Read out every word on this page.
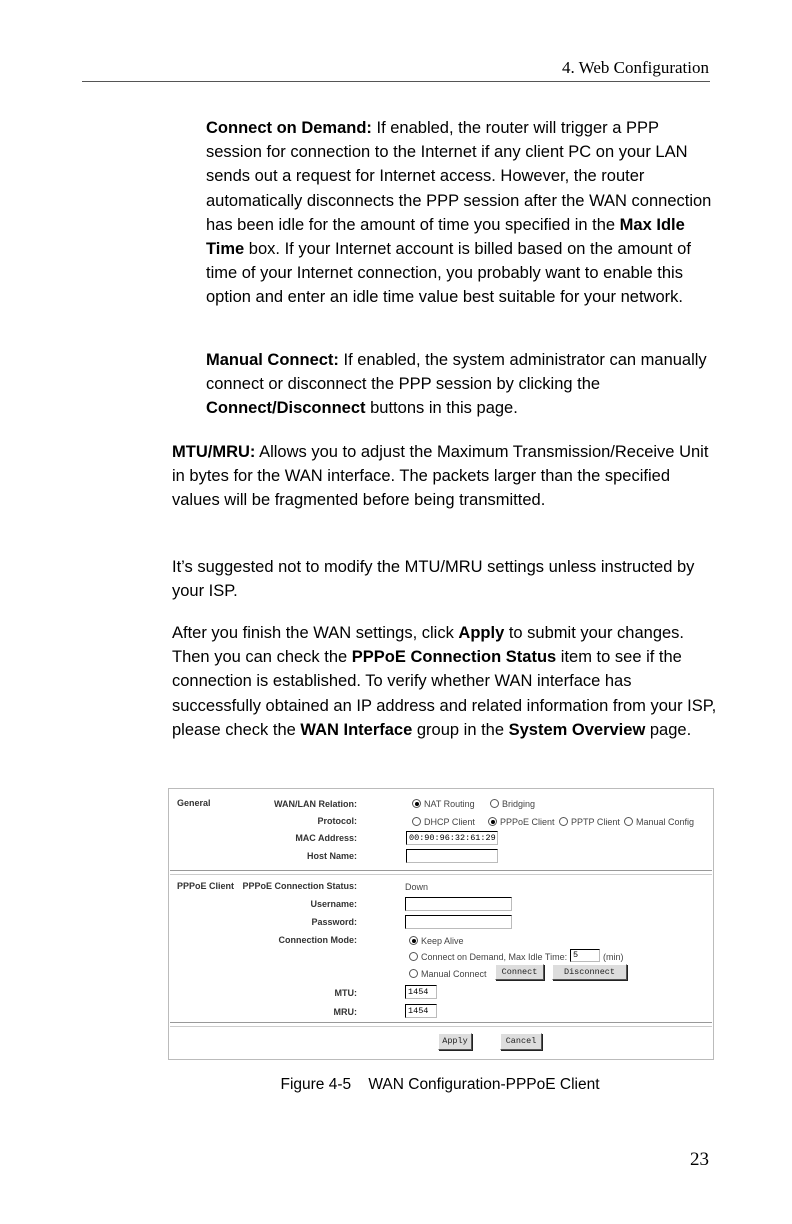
4. Web Configuration

Connect on Demand: If enabled, the router will trigger a PPP session for connection to the Internet if any client PC on your LAN sends out a request for Internet access. However, the router automatically disconnects the PPP session after the WAN connection has been idle for the amount of time you specified in the Max Idle Time box. If your Internet account is billed based on the amount of time of your Internet connection, you probably want to enable this option and enter an idle time value best suitable for your network.

Manual Connect: If enabled, the system administrator can manually connect or disconnect the PPP session by clicking the Connect/Disconnect buttons in this page.

MTU/MRU: Allows you to adjust the Maximum Transmission/Receive Unit in bytes for the WAN interface. The packets larger than the specified values will be fragmented before being transmitted.

It’s suggested not to modify the MTU/MRU settings unless instructed by your ISP.

After you finish the WAN settings, click Apply to submit your changes. Then you can check the PPPoE Connection Status item to see if the connection is established. To verify whether WAN interface has successfully obtained an IP address and related information from your ISP, please check the WAN Interface group in the System Overview page.

General	WAN/LAN Relation:	NAT Routing	Bridging
Protocol:	DHCP Client	PPPoE Client	PPTP Client	Manual Config
MAC Address:	00:90:96:32:61:29
Host Name:
PPPoE Client PPPoE Connection Status:	Down
Username:
Password:
Connection Mode:	Keep Alive
Connect on Demand, Max Idle Time: 5	(min)
Manual Connect	Connect	Disconnect
MTU:	1454
MRU:	1454
Apply	Cancel
Figure 4-5    WAN Configuration-PPPoE Client
23
